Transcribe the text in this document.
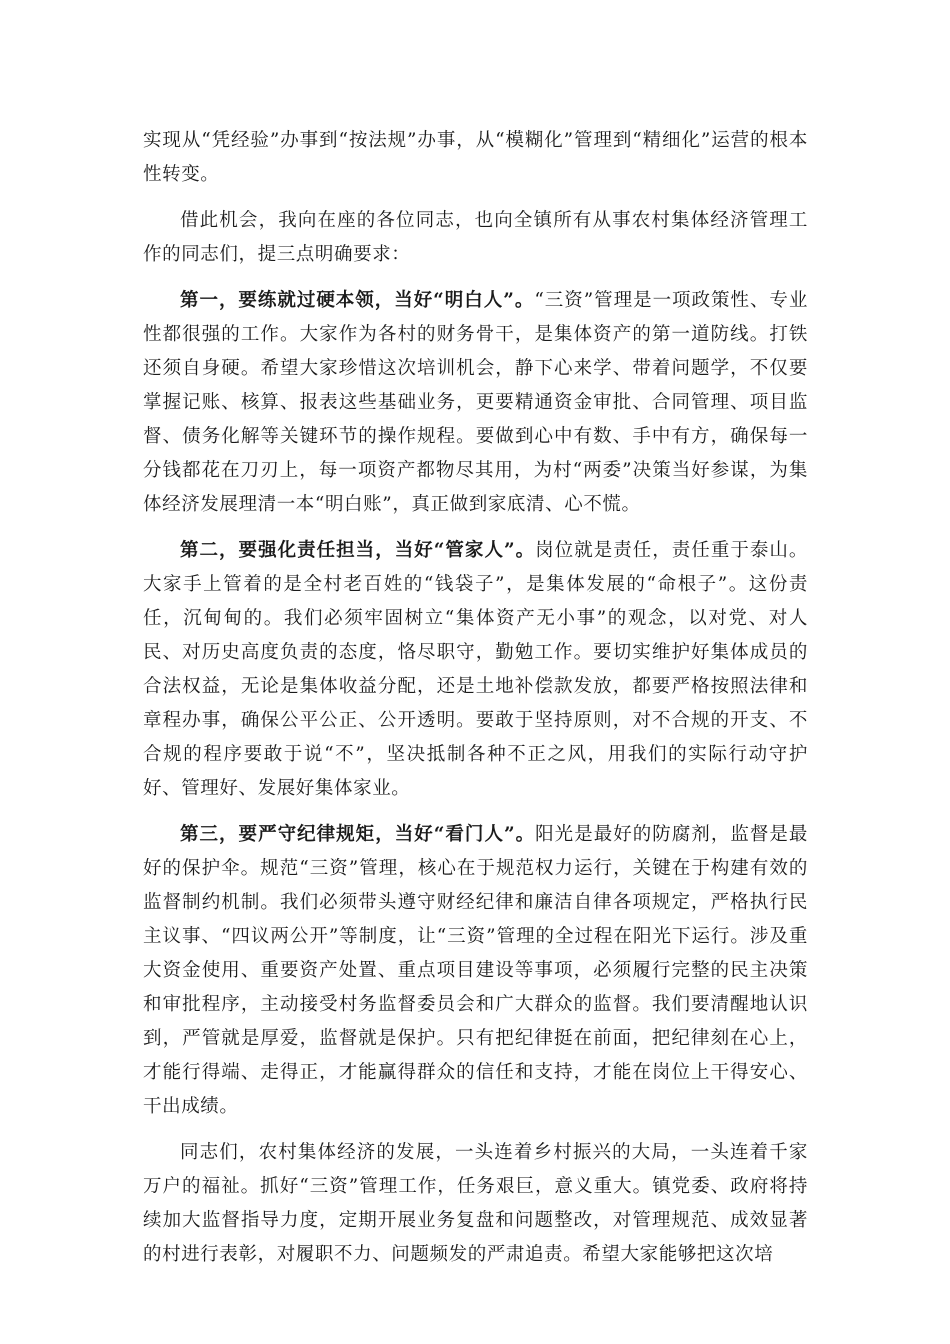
实现从“凭经验”办事到“按法规”办事，从“模糊化”管理到“精细化”运营的根本性转变。

借此机会，我向在座的各位同志，也向全镇所有从事农村集体经济管理工作的同志们，提三点明确要求：

第一，要练就过硬本领，当好“明白人”。“三资”管理是一项政策性、专业性都很强的工作。大家作为各村的财务骨干，是集体资产的第一道防线。打铁还须自身硬。希望大家珍惜这次培训机会，静下心来学、带着问题学，不仅要掌握记账、核算、报表这些基础业务，更要精通资金审批、合同管理、项目监督、债务化解等关键环节的操作规程。要做到心中有数、手中有方，确保每一分钱都花在刀刃上，每一项资产都物尽其用，为村“两委”决策当好参谋，为集体经济发展理清一本“明白账”，真正做到家底清、心不慌。

第二，要强化责任担当，当好“管家人”。岗位就是责任，责任重于泰山。大家手上管着的是全村老百姓的“钱袋子”，是集体发展的“命根子”。这份责任，沉甸甸的。我们必须牢固树立“集体资产无小事”的观念，以对党、对人民、对历史高度负责的态度，恪尽职守，勤勉工作。要切实维护好集体成员的合法权益，无论是集体收益分配，还是土地补偿款发放，都要严格按照法律和章程办事，确保公平公正、公开透明。要敢于坚持原则，对不合规的开支、不合规的程序要敢于说“不”，坚决抵制各种不正之风，用我们的实际行动守护好、管理好、发展好集体家业。

第三，要严守纪律规矩，当好“看门人”。阳光是最好的防腐剂，监督是最好的保护伞。规范“三资”管理，核心在于规范权力运行，关键在于构建有效的监督制约机制。我们必须带头遵守财经纪律和廉洁自律各项规定，严格执行民主议事、“四议两公开”等制度，让“三资”管理的全过程在阳光下运行。涉及重大资金使用、重要资产处置、重点项目建设等事项，必须履行完整的民主决策和审批程序，主动接受村务监督委员会和广大群众的监督。我们要清醒地认识到，严管就是厚爱，监督就是保护。只有把纪律挺在前面，把纪律刻在心上，才能行得端、走得正，才能赢得群众的信任和支持，才能在岗位上干得安心、干出成绩。

同志们，农村集体经济的发展，一头连着乡村振兴的大局，一头连着千家万户的福祉。抓好“三资”管理工作，任务艰巨，意义重大。镇党委、政府将持续加大监督指导力度，定期开展业务复盘和问题整改，对管理规范、成效显著的村进行表彰，对履职不力、问题频发的严肃追责。希望大家能够把这次培
